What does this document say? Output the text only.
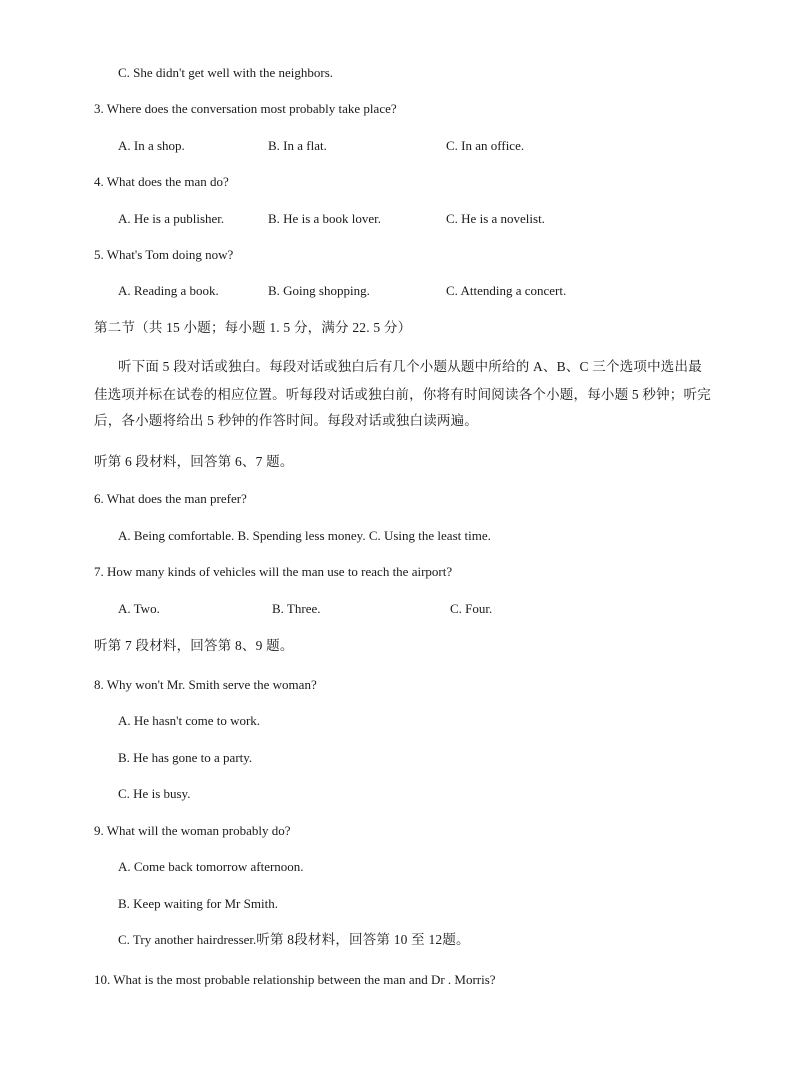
C. She didn't get well with the neighbors.
3. Where does the conversation most probably take place?
A. In a shop.	B. In a flat.	C. In an office.
4. What does the man do?
A. He is a publisher.	B. He is a book lover.	C. He is a novelist.
5. What's Tom doing now?
A. Reading a book.	B. Going shopping.	C. Attending a concert.
第二节（共 15 小题；每小题 1. 5 分，满分 22. 5 分）
听下面 5 段对话或独白。每段对话或独白后有几个小题从题中所给的 A、B、C 三个选项中选出最
佳选项并标在试卷的相应位置。听每段对话或独白前，你将有时间阅读各个小题，每小题 5 秒钟；听完
后，各小题将给出 5 秒钟的作答时间。每段对话或独白读两遍。
听第 6 段材料，回答第 6、7 题。
6. What does the man prefer?
A. Being comfortable. B. Spending less money. C. Using the least time.
7. How many kinds of vehicles will the man use to reach the airport?
A. Two.	B. Three.	C. Four.
听第 7 段材料，回答第 8、9 题。
8. Why won't Mr. Smith serve the woman?
A. He hasn't come to work.
B. He has gone to a party.
C. He is busy.
9. What will the woman probably do?
A. Come back tomorrow afternoon.
B. Keep waiting for Mr Smith.
C. Try another hairdresser.听第 8段材料，回答第 10 至 12题。
10. What is the most probable relationship between the man and Dr . Morris?
